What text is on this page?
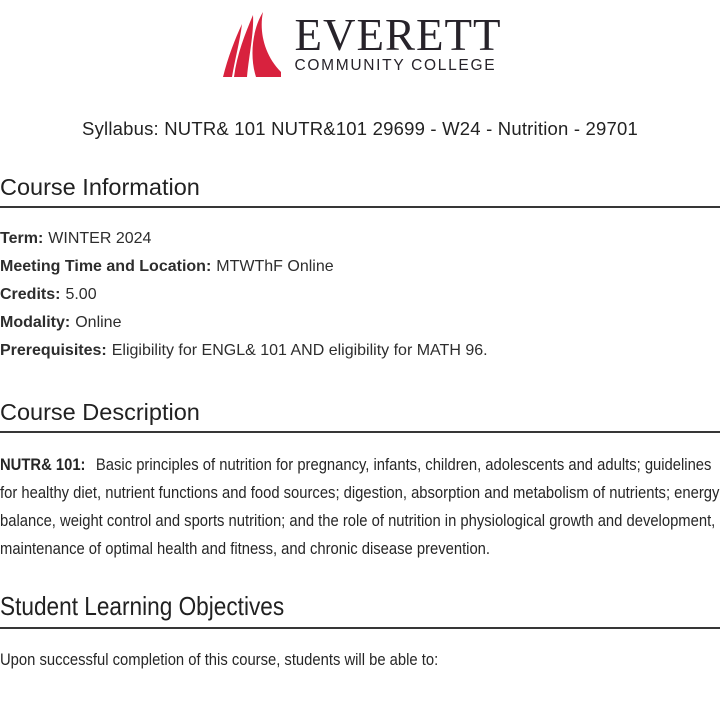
EVERETT
COMMUNITY COLLEGE
Syllabus: NUTR& 101 NUTR&101 29699 - W24 - Nutrition - 29701
Course Information

Term: WINTER 2024

Meeting Time and Location: MTWThF Online

Credits: 5.00

Modality: Online

Prerequisites: Eligibility for ENGL& 101 AND eligibility for MATH 96.

Course Description

NUTR& 101: Basic principles of nutrition for pregnancy, infants, children, adolescents and adults; guidelines for healthy diet, nutrient functions and food sources; digestion, absorption and metabolism of nutrients; energy balance, weight control and sports nutrition; and the role of nutrition in physiological growth and development, maintenance of optimal health and fitness, and chronic disease prevention.

Student Learning Objectives

Upon successful completion of this course, students will be able to:
